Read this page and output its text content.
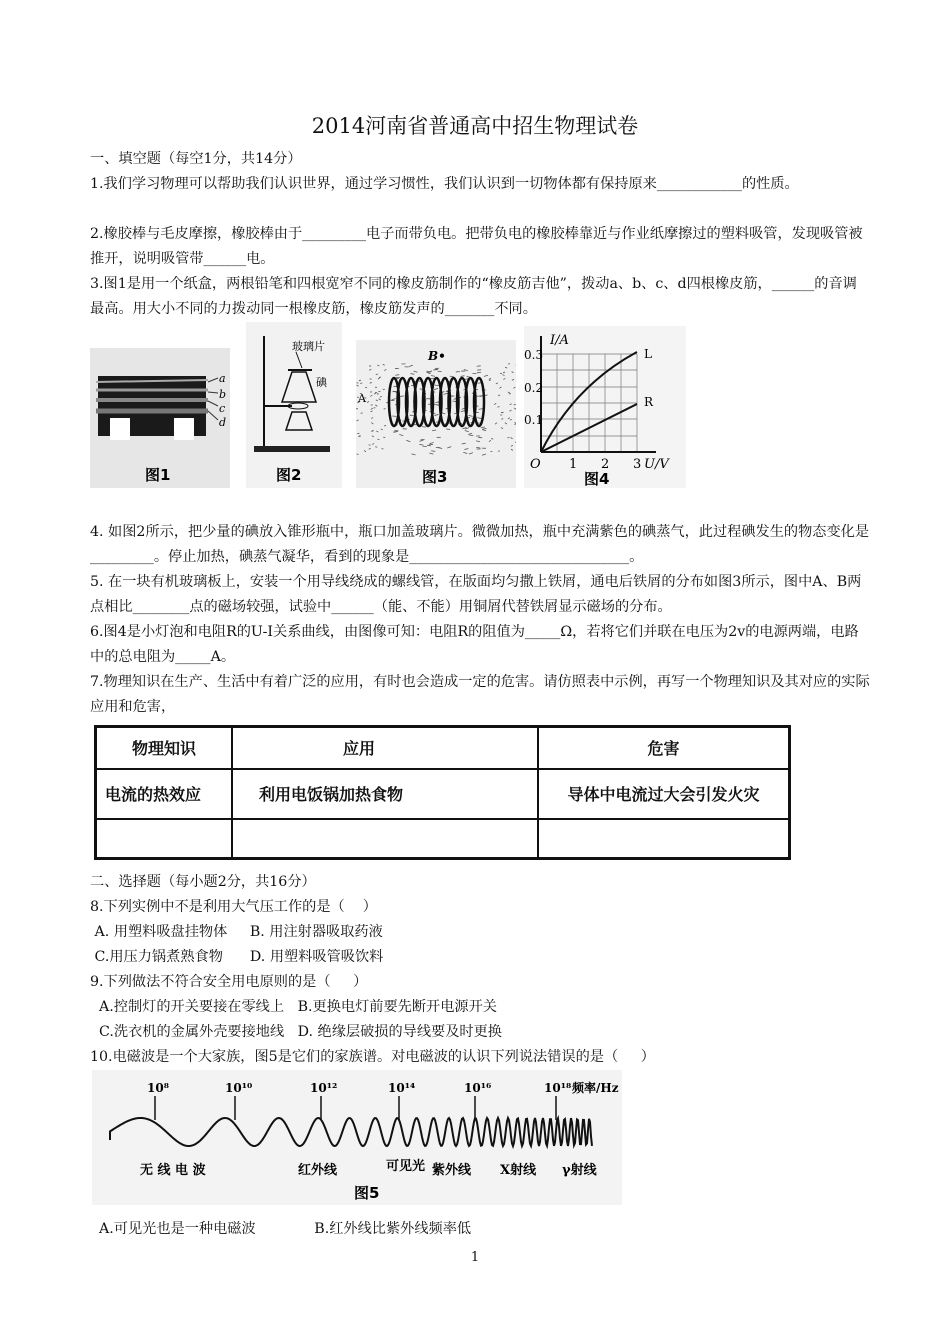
2014河南省普通高中招生物理试卷
一、填空题（每空1分，共14分）
1.我们学习物理可以帮助我们认识世界，通过学习惯性，我们认识到一切物体都有保持原来____________的性质。
2.橡胶棒与毛皮摩擦，橡胶棒由于_________电子而带负电。把带负电的橡胶棒靠近与作业纸摩擦过的塑料吸管，发现吸管被推开，说明吸管带______电。
3.图1是用一个纸盒，两根铅笔和四根宽窄不同的橡皮筋制作的“橡皮筋吉他”，拨动a、b、c、d四根橡皮筋，______的音调最高。用大小不同的力拨动同一根橡皮筋，橡皮筋发声的_______不同。
a
b
c
d
图1
玻璃片
碘
图2
B•
A
图3
L
R
I/A
0.3
0.2
0.1
O 1 2 3 U/V
图4
4. 如图2所示，把少量的碘放入锥形瓶中，瓶口加盖玻璃片。微微加热，瓶中充满紫色的碘蒸气，此过程碘发生的物态变化是_________。停止加热，碘蒸气凝华，看到的现象是_______________________________。
5. 在一块有机玻璃板上，安装一个用导线绕成的螺线管，在版面均匀撒上铁屑，通电后铁屑的分布如图3所示，图中A、B两点相比________点的磁场较强，试验中______（能、不能）用铜屑代替铁屑显示磁场的分布。
6.图4是小灯泡和电阻R的U-I关系曲线，由图像可知：电阻R的阻值为_____Ω，若将它们并联在电压为2v的电源两端，电路中的总电阻为_____A。
7.物理知识在生产、生活中有着广泛的应用，有时也会造成一定的危害。请仿照表中示例，再写一个物理知识及其对应的实际应用和危害，
物理知识	应用	危害
电流的热效应	利用电饭锅加热食物	导体中电流过大会引发火灾

二、选择题（每小题2分，共16分）
8.下列实例中不是利用大气压工作的是（    ）
A. 用塑料吸盘挂物体     B. 用注射器吸取药液
C.用压力锅煮熟食物      D. 用塑料吸管吸饮料
9.下列做法不符合安全用电原则的是（     ）
A.控制灯的开关要接在零线上   B.更换电灯前要先断开电源开关
C.洗衣机的金属外壳要接地线   D. 绝缘层破损的导线要及时更换
10.电磁波是一个大家族，图5是它们的家族谱。对电磁波的认识下列说法错误的是（     ）
10⁸	10¹⁰	10¹²	10¹⁴	10¹⁶	10¹⁸ 频率/Hz
无 线 电 波	红外线	可见光 紫外线 X射线 γ射线
图5
A.可见光也是一种电磁波             B.红外线比紫外线频率低
1
